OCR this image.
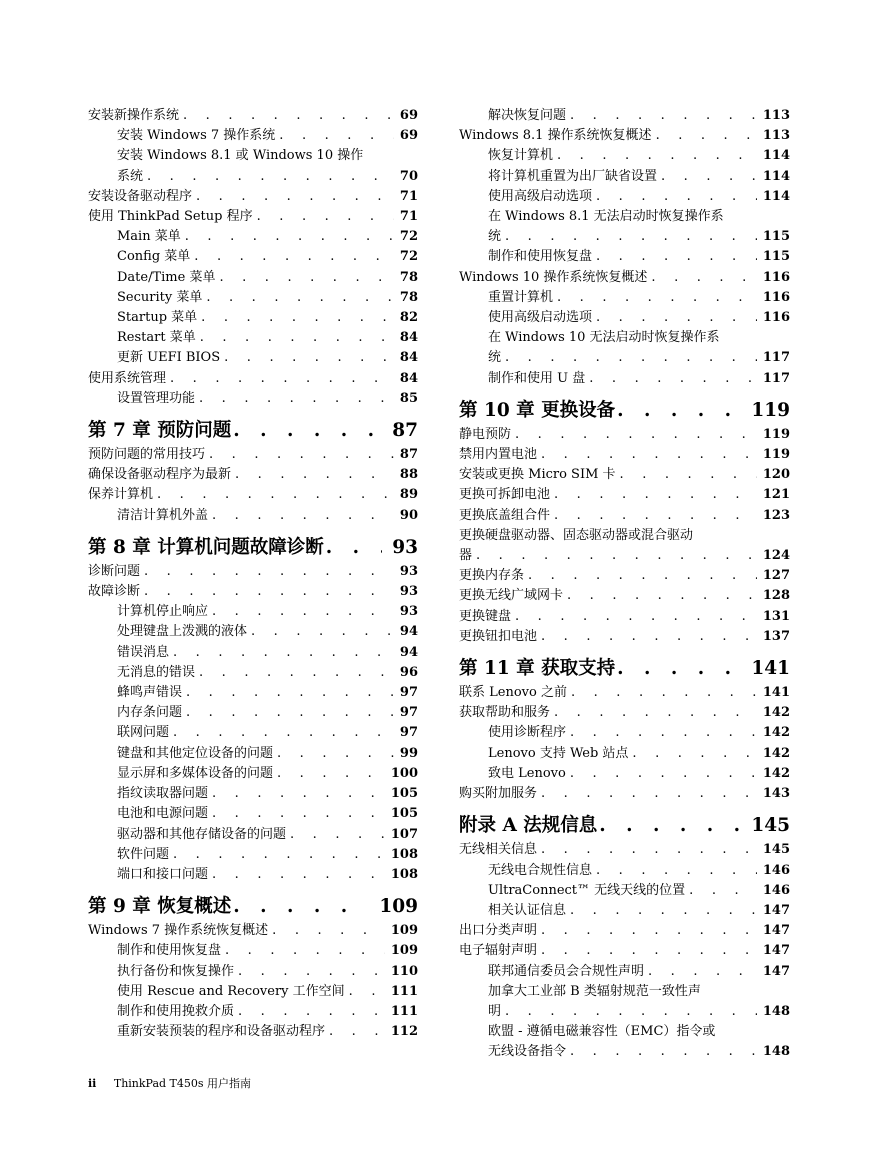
安装新操作系统 . . .	69
安装 Windows 7 操作系统 . . .	69
安装 Windows 8.1 或 Windows 10 操作
系统 . . .	70
安装设备驱动程序 . . .	71
使用 ThinkPad Setup 程序 . . .	71
Main 菜单 . . .	72
Config 菜单 . . .	72
Date/Time 菜单 . . .	78
Security 菜单 . . .	78
Startup 菜单 . . .	82
Restart 菜单 . . .	84
更新 UEFI BIOS . . .	84
使用系统管理 . . .	84
设置管理功能 . . .	85
第 7 章 预防问题 . . .	87
预防问题的常用技巧 . . .	87
确保设备驱动程序为最新 . . .	88
保养计算机 . . .	89
清洁计算机外盖 . . .	90
第 8 章 计算机问题故障诊断 . . .	93
诊断问题 . . .	93
故障诊断 . . .	93
计算机停止响应 . . .	93
处理键盘上泼溅的液体 . . .	94
错误消息 . . .	94
无消息的错误 . . .	96
蜂鸣声错误 . . .	97
内存条问题 . . .	97
联网问题 . . .	97
键盘和其他定位设备的问题 . . .	99
显示屏和多媒体设备的问题 . . .	100
指纹读取器问题 . . .	105
电池和电源问题 . . .	105
驱动器和其他存储设备的问题 . . .	107
软件问题 . . .	108
端口和接口问题 . . .	108
第 9 章 恢复概述 . . .	109
Windows 7 操作系统恢复概述 . . .	109
制作和使用恢复盘 . . .	109
执行备份和恢复操作 . . .	110
使用 Rescue and Recovery 工作空间 . . .	111
制作和使用挽救介质 . . .	111
重新安装预装的程序和设备驱动程序 . . .	112
解决恢复问题 . . .	113
Windows 8.1 操作系统恢复概述 . . .	113
恢复计算机 . . .	114
将计算机重置为出厂缺省设置 . . .	114
使用高级启动选项 . . .	114
在 Windows 8.1 无法启动时恢复操作系
统 . . .	115
制作和使用恢复盘 . . .	115
Windows 10 操作系统恢复概述 . . .	116
重置计算机 . . .	116
使用高级启动选项 . . .	116
在 Windows 10 无法启动时恢复操作系
统 . . .	117
制作和使用 U 盘 . . .	117
第 10 章 更换设备 . . .	119
静电预防 . . .	119
禁用内置电池 . . .	119
安装或更换 Micro SIM 卡 . . .	120
更换可拆卸电池 . . .	121
更换底盖组合件 . . .	123
更换硬盘驱动器、固态驱动器或混合驱动
器 . . .	124
更换内存条 . . .	127
更换无线广域网卡 . . .	128
更换键盘 . . .	131
更换钮扣电池 . . .	137
第 11 章 获取支持 . . .	141
联系 Lenovo 之前 . . .	141
获取帮助和服务 . . .	142
使用诊断程序 . . .	142
Lenovo 支持 Web 站点 . . .	142
致电 Lenovo . . .	142
购买附加服务 . . .	143
附录 A 法规信息 . . .	145
无线相关信息 . . .	145
无线电合规性信息 . . .	146
UltraConnect™ 无线天线的位置 . . .	146
相关认证信息 . . .	147
出口分类声明 . . .	147
电子辐射声明 . . .	147
联邦通信委员会合规性声明 . . .	147
加拿大工业部 B 类辐射规范一致性声
明 . . .	148
欧盟 - 遵循电磁兼容性（EMC）指令或
无线设备指令 . . .	148
ii ThinkPad T450s 用户指南
